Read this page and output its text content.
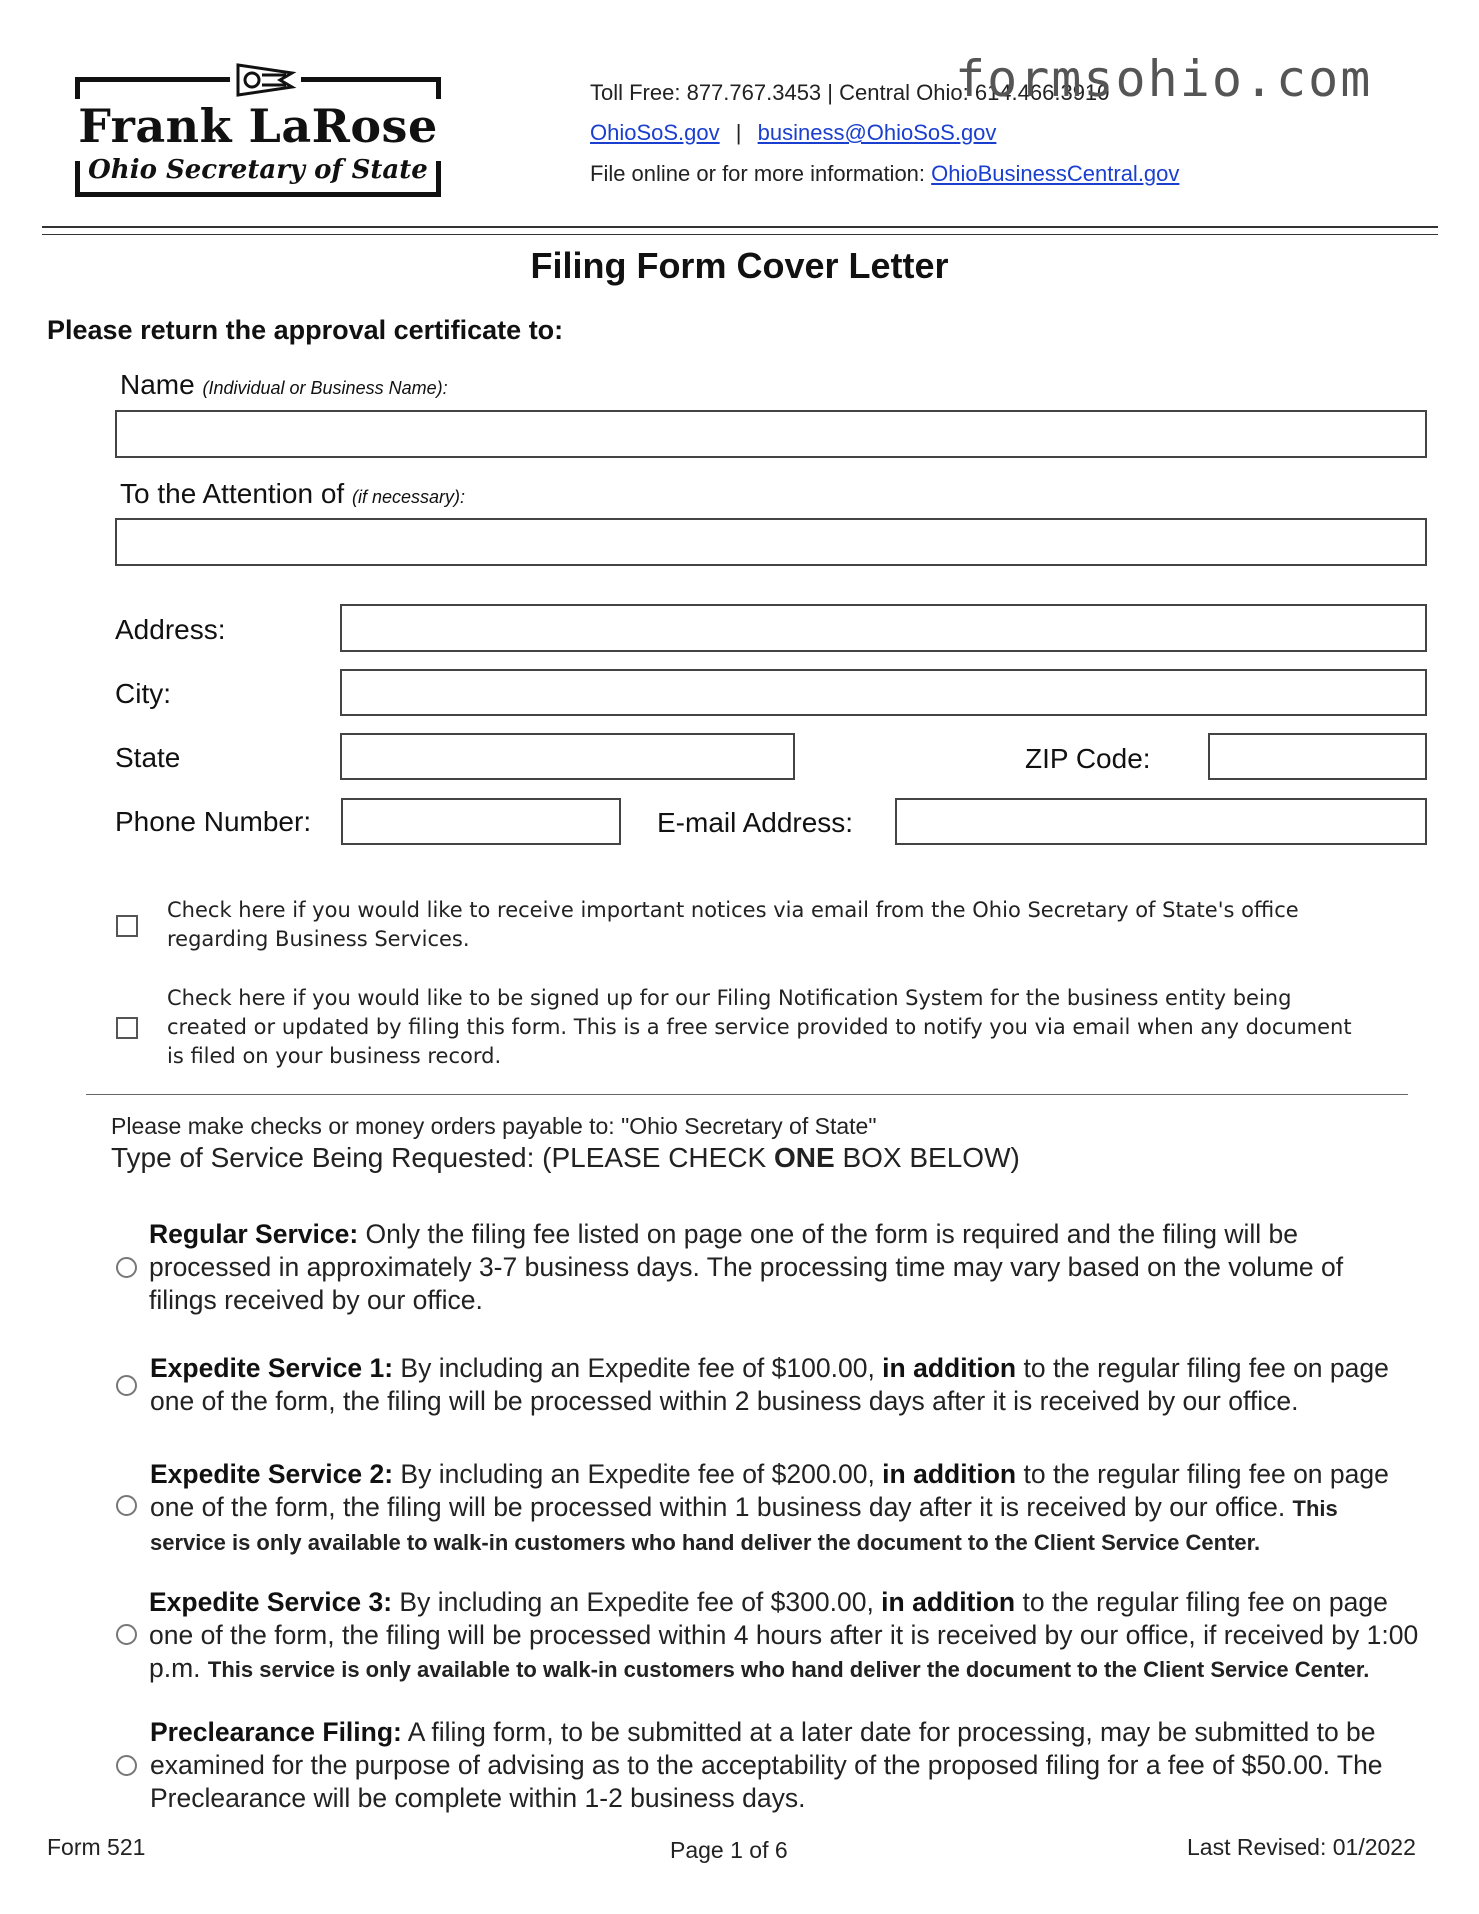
Frank LaRose
Ohio Secretary of State
Toll Free: 877.767.3453 | Central Ohio: 614.466.3910
OhioSoS.gov | business@OhioSoS.gov
File online or for more information: OhioBusinessCentral.gov
formsohio.com
Filing Form Cover Letter
Please return the approval certificate to:
Name (Individual or Business Name):
To the Attention of (if necessary):
Address:
City:
State	ZIP Code:
Phone Number:	E-mail Address:
Check here if you would like to receive important notices via email from the Ohio Secretary of State's office regarding Business Services.
Check here if you would like to be signed up for our Filing Notification System for the business entity being created or updated by filing this form. This is a free service provided to notify you via email when any document is filed on your business record.
Please make checks or money orders payable to: "Ohio Secretary of State"
Type of Service Being Requested: (PLEASE CHECK ONE BOX BELOW)
Regular Service: Only the filing fee listed on page one of the form is required and the filing will be processed in approximately 3-7 business days. The processing time may vary based on the volume of filings received by our office.
Expedite Service 1: By including an Expedite fee of $100.00, in addition to the regular filing fee on page one of the form, the filing will be processed within 2 business days after it is received by our office.
Expedite Service 2: By including an Expedite fee of $200.00, in addition to the regular filing fee on page one of the form, the filing will be processed within 1 business day after it is received by our office. This service is only available to walk-in customers who hand deliver the document to the Client Service Center.
Expedite Service 3: By including an Expedite fee of $300.00, in addition to the regular filing fee on page one of the form, the filing will be processed within 4 hours after it is received by our office, if received by 1:00 p.m. This service is only available to walk-in customers who hand deliver the document to the Client Service Center.
Preclearance Filing: A filing form, to be submitted at a later date for processing, may be submitted to be examined for the purpose of advising as to the acceptability of the proposed filing for a fee of $50.00. The Preclearance will be complete within 1-2 business days.
Form 521	Page 1 of 6	Last Revised: 01/2022
